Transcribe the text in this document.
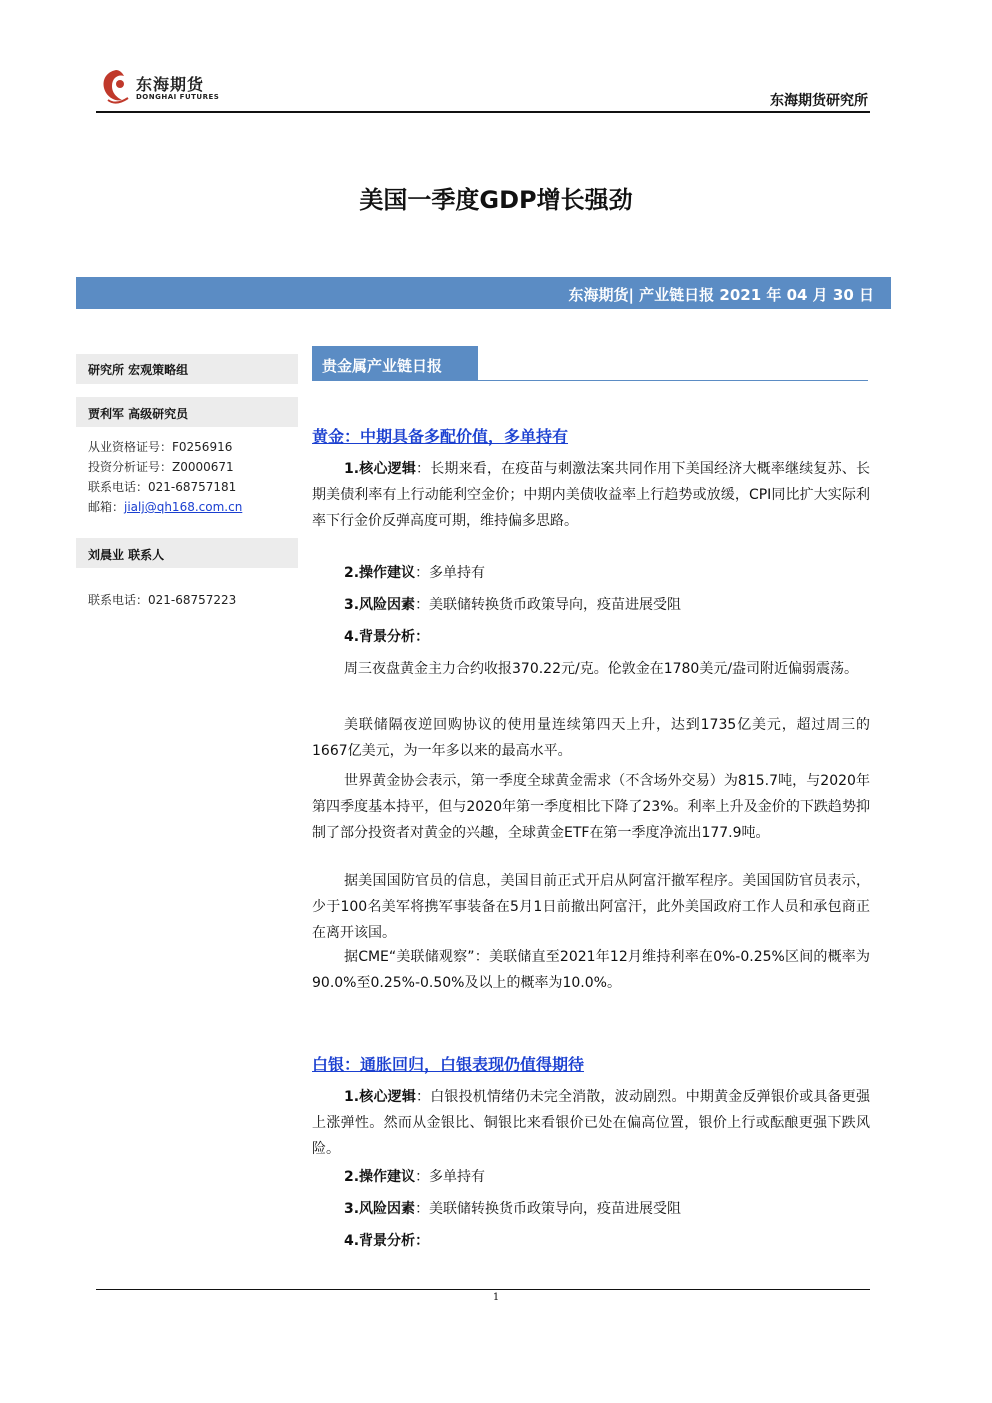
东海期货
DONGHAI FUTURES	东海期货研究所
美国一季度GDP增长强劲
东海期货| 产业链日报 2021 年 04 月 30 日
研究所 宏观策略组
贾利军 高级研究员
从业资格证号：F0256916
投资分析证号：Z0000671
联系电话：021-68757181
邮箱：jialj@qh168.com.cn
刘晨业 联系人
联系电话：021-68757223
贵金属产业链日报
黄金：中期具备多配价值，多单持有
1.核心逻辑：长期来看，在疫苗与刺激法案共同作用下美国经济大概率继续复苏、长期美债利率有上行动能利空金价；中期内美债收益率上行趋势或放缓，CPI同比扩大实际利率下行金价反弹高度可期，维持偏多思路。
2.操作建议：多单持有
3.风险因素：美联储转换货币政策导向，疫苗进展受阻
4.背景分析：
周三夜盘黄金主力合约收报370.22元/克。伦敦金在1780美元/盎司附近偏弱震荡。
美联储隔夜逆回购协议的使用量连续第四天上升，达到1735亿美元，超过周三的1667亿美元，为一年多以来的最高水平。
世界黄金协会表示，第一季度全球黄金需求（不含场外交易）为815.7吨，与2020年第四季度基本持平，但与2020年第一季度相比下降了23%。利率上升及金价的下跌趋势抑制了部分投资者对黄金的兴趣，全球黄金ETF在第一季度净流出177.9吨。
据美国国防官员的信息，美国目前正式开启从阿富汗撤军程序。美国国防官员表示，少于100名美军将携军事装备在5月1日前撤出阿富汗，此外美国政府工作人员和承包商正在离开该国。
据CME“美联储观察”：美联储直至2021年12月维持利率在0%-0.25%区间的概率为90.0%至0.25%-0.50%及以上的概率为10.0%。
白银：通胀回归，白银表现仍值得期待
1.核心逻辑：白银投机情绪仍未完全消散，波动剧烈。中期黄金反弹银价或具备更强上涨弹性。然而从金银比、铜银比来看银价已处在偏高位置，银价上行或酝酿更强下跌风险。
2.操作建议：多单持有
3.风险因素：美联储转换货币政策导向，疫苗进展受阻
4.背景分析：
1
